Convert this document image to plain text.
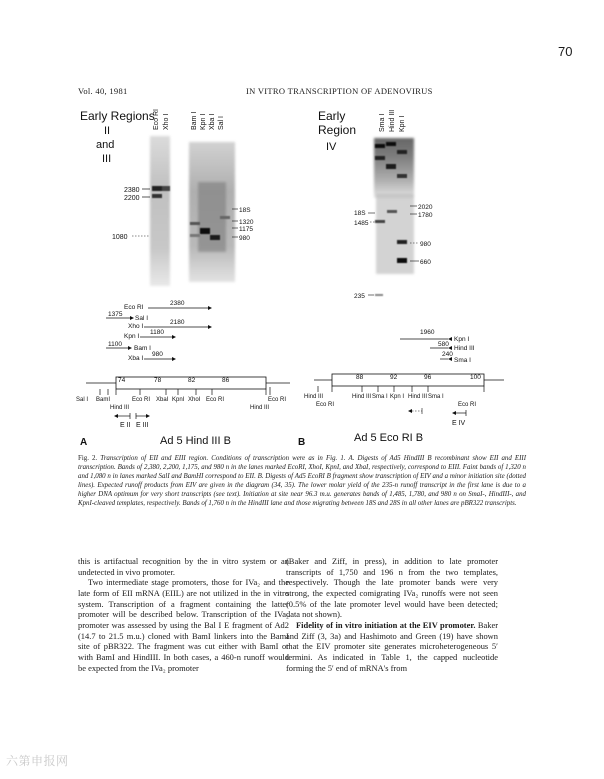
70
Vol. 40, 1981	IN VITRO TRANSCRIPTION OF ADENOVIRUS
Early Regions
II
and
III
Eco RI Xho I	Bam I Kpn I Xba I Sal I
2380
2200
1080
18S
1320
1175
980
Eco RI
2380
1375
Sal I
Xho I
2180
Kpn I
1180
1100
Bam I
Xba I
980
74	78	82	86
Sal I BamI	Eco RI XbaI KpnI XhoI Eco RI	Eco RI
Hind III	Hind III
E II E III
A	Ad 5 Hind III B
Early
Region
IV
Sma I Hind III Kpn I
18S
1485
235
2020
1780
980
660
1960
Kpn I
580
Hind III
240
Sma I
88	92	96	100
Hind III	Hind III Sma I Kpn I Hind III Sma I
Eco RI	Eco RI
E IV
B	Ad 5 Eco RI B
Fig. 2. Transcription of EII and EIII region. Conditions of transcription were as in Fig. 1. A. Digests of Ad5 HindIII B recombinant show EII and EIII transcription. Bands of 2,380, 2,200, 1,175, and 980 n in the lanes marked EcoRI, XhoI, KpnI, and XbaI, respectively, correspond to EIII. Faint bands of 1,320 n and 1,080 n in lanes marked SalI and BamHI correspond to EII. B. Digests of Ad5 EcoRI B fragment show transcription of EIV and a minor initiation site (dotted lines). Expected runoff products from EIV are given in the diagram (34, 35). The lower molar yield of the 235-n runoff transcript in the first lane is due to a higher DNA optimum for very short transcripts (see text). Initiation at site near 96.3 m.u. generates bands of 1,485, 1,780, and 980 n on SmaI-, HindIII-, and KpnI-cleaved templates, respectively. Bands of 1,760 n in the HindIII lane and those migrating between 18S and 28S in all other lanes are pBR322 transcripts.

this is artifactual recognition by the in vitro system or an undetected in vivo promoter.

Two intermediate stage promoters, those for IVa₂ and the late form of EII mRNA (EIIL) are not utilized in the in vitro system. Transcription of a fragment containing the latter promoter will be described below. Transcription of the IVa₂ promoter was assessed by using the Bal I E fragment of Ad2 (14.7 to 21.5 m.u.) cloned with BamI linkers into the BamI site of pBR322. The fragment was cut either with BamI or with BamI and HindIII. In both cases, a 460-n runoff would be expected from the IVa₂ promoter

(Baker and Ziff, in press), in addition to late promoter transcripts of 1,750 and 196 n from the two templates, respectively. Though the late promoter bands were very strong, the expected comigrating IVa₂ runoffs were not seen (0.5% of the late promoter level would have been detected; data not shown).

Fidelity of in vitro initiation at the EIV promoter. Baker and Ziff (3, 3a) and Hashimoto and Green (19) have shown that the EIV promoter site generates microheterogeneous 5′ termini. As indicated in Table 1, the capped nucleotide forming the 5′ end of mRNA's from

六第申报网
